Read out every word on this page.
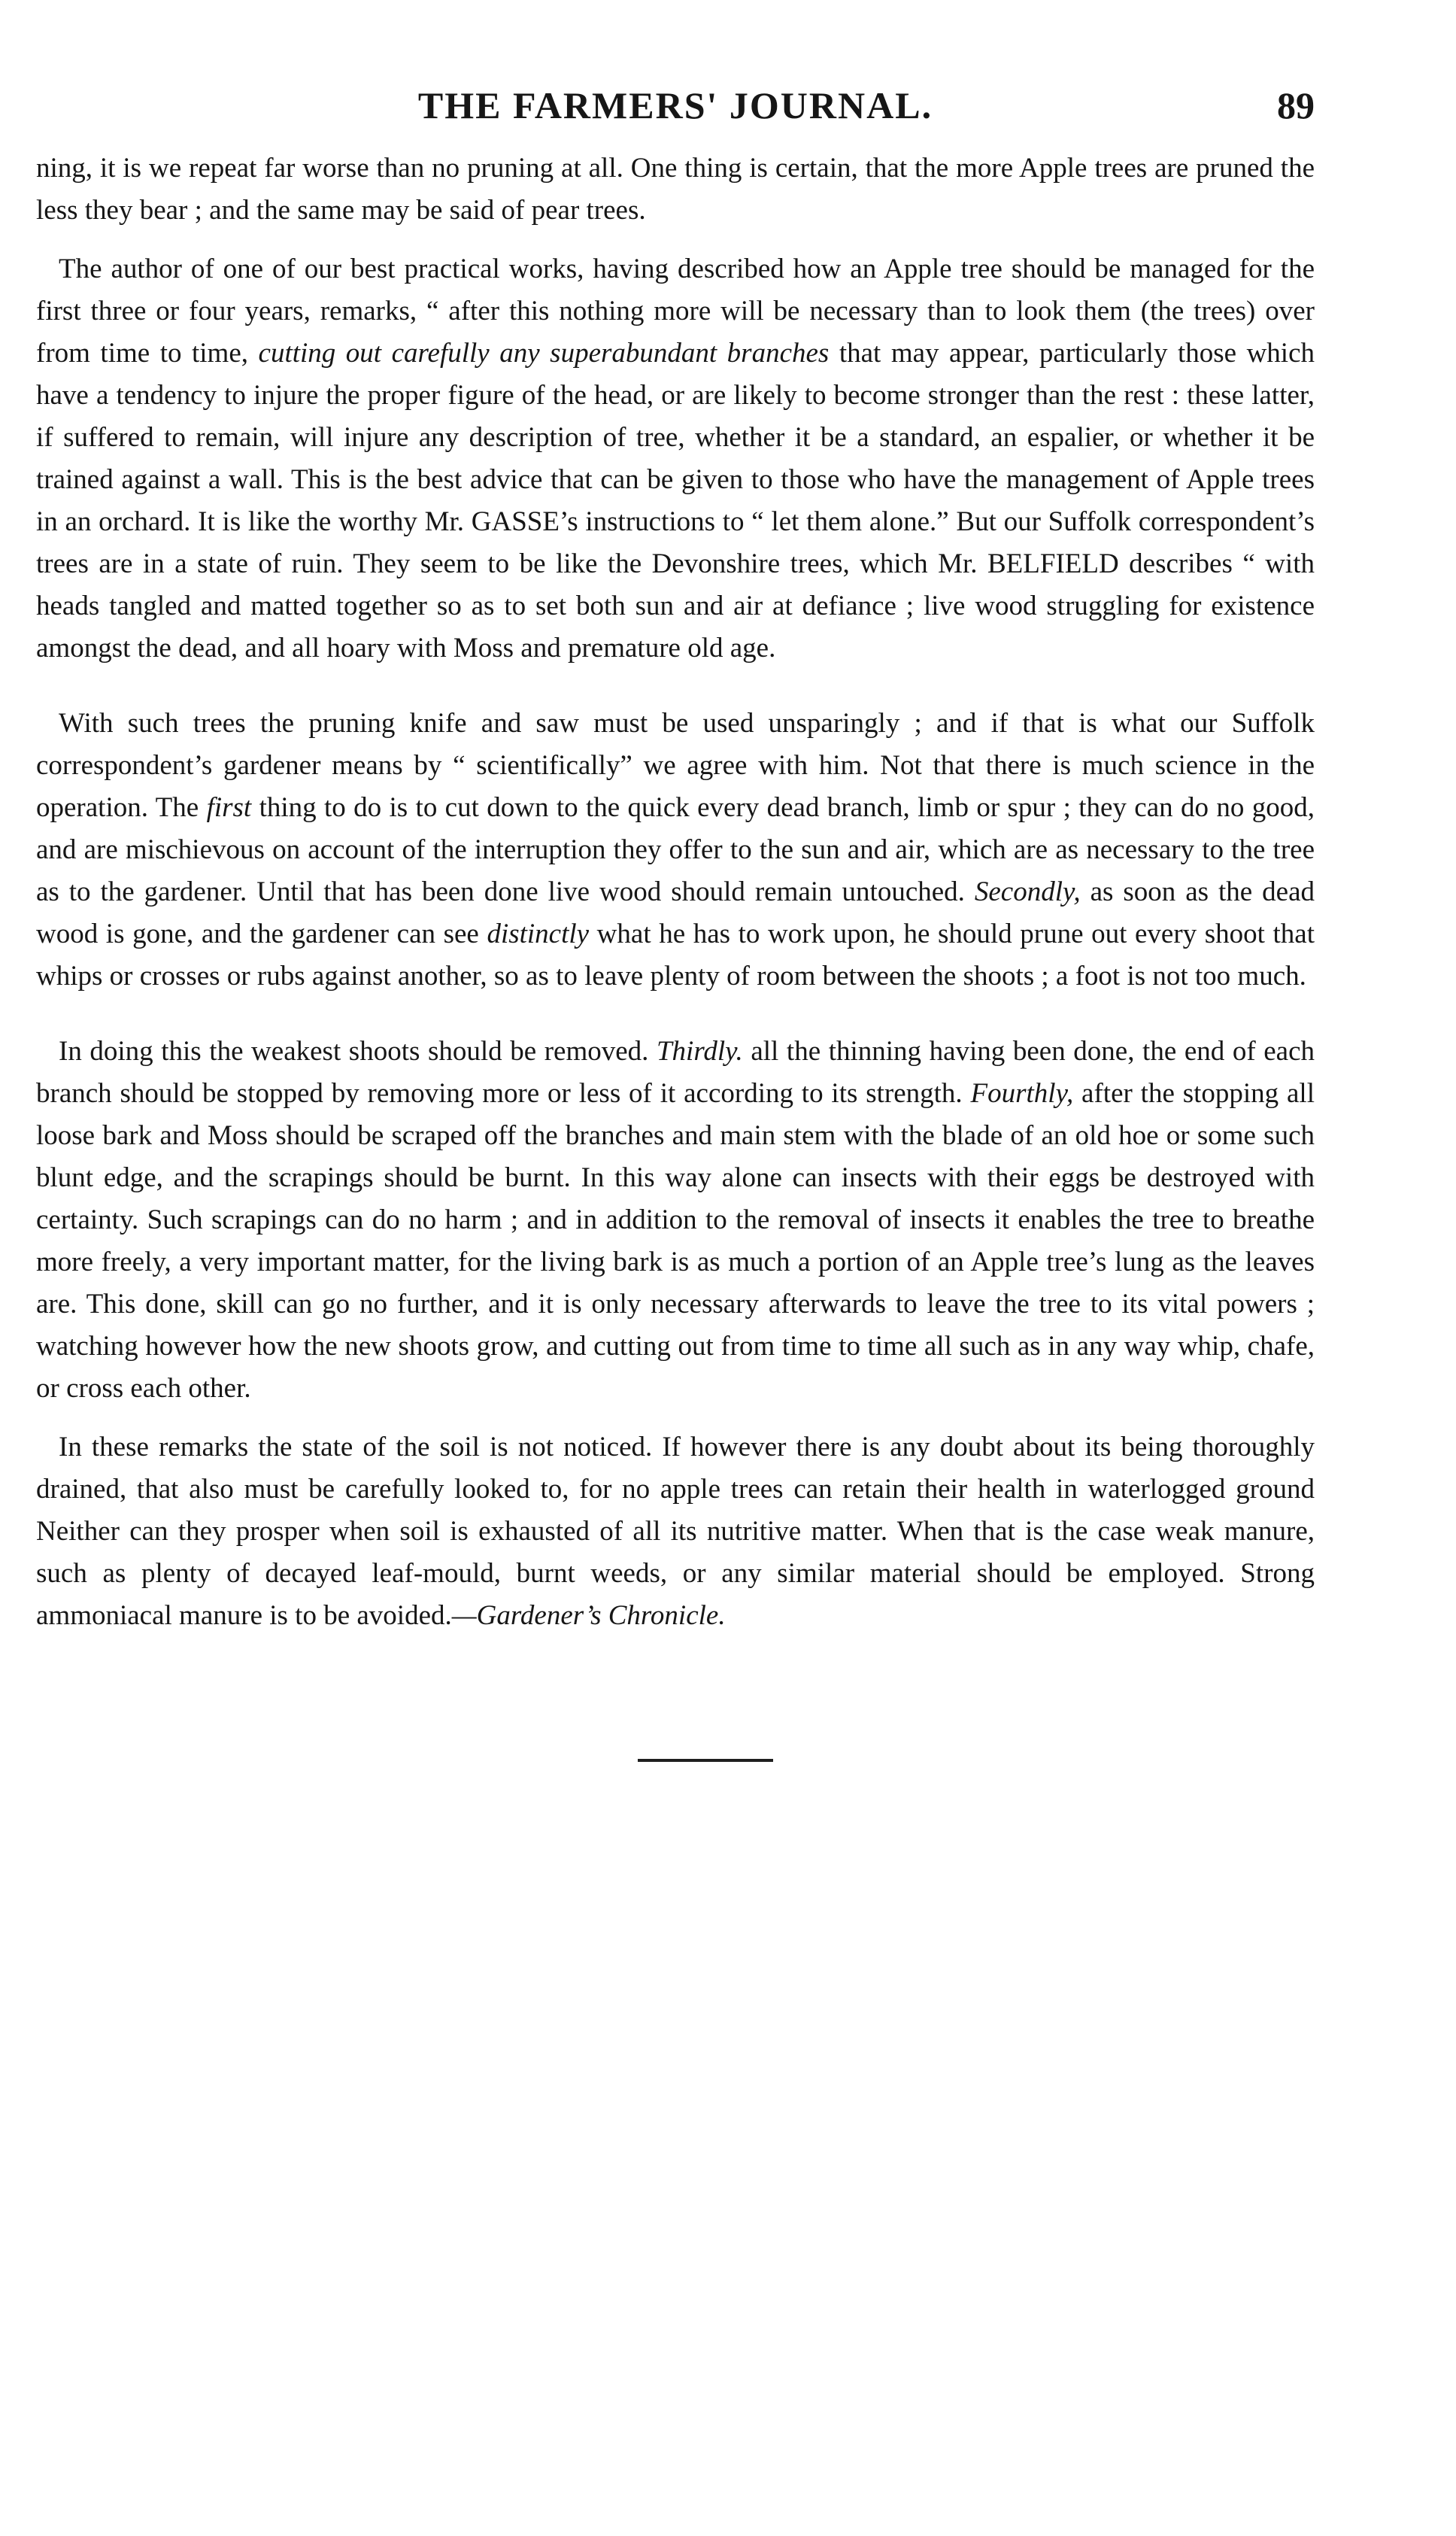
THE FARMERS' JOURNAL.	89

ning, it is we repeat far worse than no pruning at all. One thing is certain, that the more Apple trees are pruned the less they bear ; and the same may be said of pear trees.

The author of one of our best practical works, having described how an Apple tree should be managed for the first three or four years, remarks, “ after this nothing more will be necessary than to look them (the trees) over from time to time, cutting out carefully any superabundant branches that may appear, particularly those which have a tendency to injure the proper figure of the head, or are likely to become stronger than the rest : these latter, if suffered to remain, will injure any description of tree, whether it be a standard, an espalier, or whether it be trained against a wall. This is the best advice that can be given to those who have the management of Apple trees in an orchard. It is like the worthy Mr. GASSE’s instructions to “ let them alone.” But our Suffolk correspondent’s trees are in a state of ruin. They seem to be like the Devonshire trees, which Mr. BELFIELD describes “ with heads tangled and matted together so as to set both sun and air at defiance ; live wood struggling for existence amongst the dead, and all hoary with Moss and premature old age.

With such trees the pruning knife and saw must be used unsparingly ; and if that is what our Suffolk correspondent’s gardener means by “ scientifically” we agree with him. Not that there is much science in the operation. The first thing to do is to cut down to the quick every dead branch, limb or spur ; they can do no good, and are mischievous on account of the interruption they offer to the sun and air, which are as necessary to the tree as to the gardener. Until that has been done live wood should remain untouched. Secondly, as soon as the dead wood is gone, and the gardener can see distinctly what he has to work upon, he should prune out every shoot that whips or crosses or rubs against another, so as to leave plenty of room between the shoots ; a foot is not too much.

In doing this the weakest shoots should be removed. Thirdly. all the thinning having been done, the end of each branch should be stopped by removing more or less of it according to its strength. Fourthly, after the stopping all loose bark and Moss should be scraped off the branches and main stem with the blade of an old hoe or some such blunt edge, and the scrapings should be burnt. In this way alone can insects with their eggs be destroyed with certainty. Such scrapings can do no harm ; and in addition to the removal of insects it enables the tree to breathe more freely, a very important matter, for the living bark is as much a portion of an Apple tree’s lung as the leaves are. This done, skill can go no further, and it is only necessary afterwards to leave the tree to its vital powers ; watching however how the new shoots grow, and cutting out from time to time all such as in any way whip, chafe, or cross each other.

In these remarks the state of the soil is not noticed. If however there is any doubt about its being thoroughly drained, that also must be carefully looked to, for no apple trees can retain their health in waterlogged ground Neither can they prosper when soil is exhausted of all its nutritive matter. When that is the case weak manure, such as plenty of decayed leaf-mould, burnt weeds, or any similar material should be employed. Strong ammoniacal manure is to be avoided.—Gardener’s Chronicle.
